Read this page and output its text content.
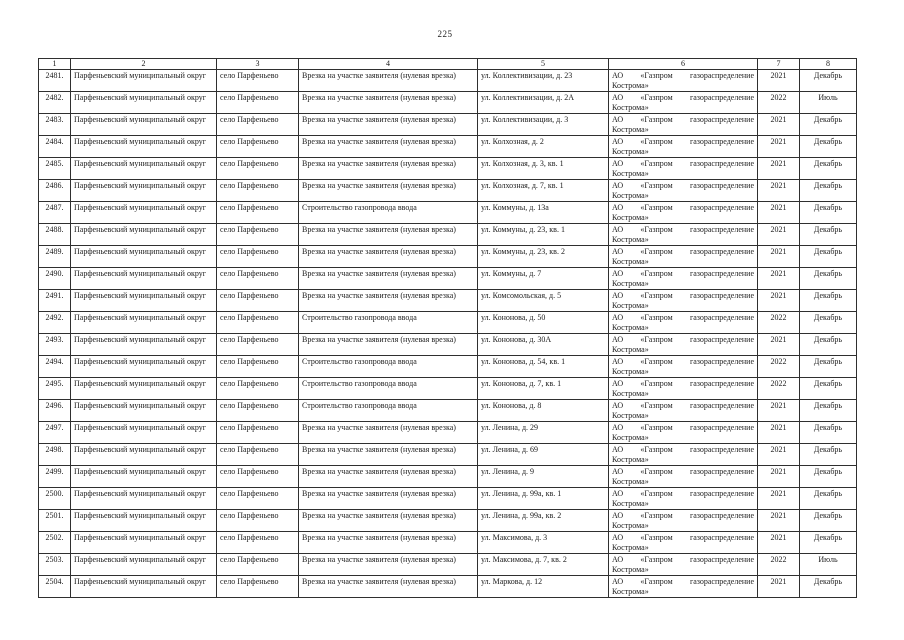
225
1	2	3	4	5	6	7	8
2481.	Парфеньевский муниципальный округ	село Парфеньево	Врезка на участке заявителя (нулевая врезка)	ул. Коллективизации, д. 23	АО «Газпром газораспределение Кострома»	2021	Декабрь
2482.	Парфеньевский муниципальный округ	село Парфеньево	Врезка на участке заявителя (нулевая врезка)	ул. Коллективизации, д. 2А	АО «Газпром газораспределение Кострома»	2022	Июль
2483.	Парфеньевский муниципальный округ	село Парфеньево	Врезка на участке заявителя (нулевая врезка)	ул. Коллективизации, д. 3	АО «Газпром газораспределение Кострома»	2021	Декабрь
2484.	Парфеньевский муниципальный округ	село Парфеньево	Врезка на участке заявителя (нулевая врезка)	ул. Колхозная, д. 2	АО «Газпром газораспределение Кострома»	2021	Декабрь
2485.	Парфеньевский муниципальный округ	село Парфеньево	Врезка на участке заявителя (нулевая врезка)	ул. Колхозная, д. 3, кв. 1	АО «Газпром газораспределение Кострома»	2021	Декабрь
2486.	Парфеньевский муниципальный округ	село Парфеньево	Врезка на участке заявителя (нулевая врезка)	ул. Колхозная, д. 7, кв. 1	АО «Газпром газораспределение Кострома»	2021	Декабрь
2487.	Парфеньевский муниципальный округ	село Парфеньево	Строительство газопровода ввода	ул. Коммуны, д. 13а	АО «Газпром газораспределение Кострома»	2021	Декабрь
2488.	Парфеньевский муниципальный округ	село Парфеньево	Врезка на участке заявителя (нулевая врезка)	ул. Коммуны, д. 23, кв. 1	АО «Газпром газораспределение Кострома»	2021	Декабрь
2489.	Парфеньевский муниципальный округ	село Парфеньево	Врезка на участке заявителя (нулевая врезка)	ул. Коммуны, д. 23, кв. 2	АО «Газпром газораспределение Кострома»	2021	Декабрь
2490.	Парфеньевский муниципальный округ	село Парфеньево	Врезка на участке заявителя (нулевая врезка)	ул. Коммуны, д. 7	АО «Газпром газораспределение Кострома»	2021	Декабрь
2491.	Парфеньевский муниципальный округ	село Парфеньево	Врезка на участке заявителя (нулевая врезка)	ул. Комсомольская, д. 5	АО «Газпром газораспределение Кострома»	2021	Декабрь
2492.	Парфеньевский муниципальный округ	село Парфеньево	Строительство газопровода ввода	ул. Кононова, д. 50	АО «Газпром газораспределение Кострома»	2022	Декабрь
2493.	Парфеньевский муниципальный округ	село Парфеньево	Врезка на участке заявителя (нулевая врезка)	ул. Кононова, д. 30А	АО «Газпром газораспределение Кострома»	2021	Декабрь
2494.	Парфеньевский муниципальный округ	село Парфеньево	Строительство газопровода ввода	ул. Кононова, д. 54, кв. 1	АО «Газпром газораспределение Кострома»	2022	Декабрь
2495.	Парфеньевский муниципальный округ	село Парфеньево	Строительство газопровода ввода	ул. Кононова, д. 7, кв. 1	АО «Газпром газораспределение Кострома»	2022	Декабрь
2496.	Парфеньевский муниципальный округ	село Парфеньево	Строительство газопровода ввода	ул. Кононова, д. 8	АО «Газпром газораспределение Кострома»	2021	Декабрь
2497.	Парфеньевский муниципальный округ	село Парфеньево	Врезка на участке заявителя (нулевая врезка)	ул. Ленина, д. 29	АО «Газпром газораспределение Кострома»	2021	Декабрь
2498.	Парфеньевский муниципальный округ	село Парфеньево	Врезка на участке заявителя (нулевая врезка)	ул. Ленина, д. 69	АО «Газпром газораспределение Кострома»	2021	Декабрь
2499.	Парфеньевский муниципальный округ	село Парфеньево	Врезка на участке заявителя (нулевая врезка)	ул. Ленина, д. 9	АО «Газпром газораспределение Кострома»	2021	Декабрь
2500.	Парфеньевский муниципальный округ	село Парфеньево	Врезка на участке заявителя (нулевая врезка)	ул. Ленина, д. 99а, кв. 1	АО «Газпром газораспределение Кострома»	2021	Декабрь
2501.	Парфеньевский муниципальный округ	село Парфеньево	Врезка на участке заявителя (нулевая врезка)	ул. Ленина, д. 99а, кв. 2	АО «Газпром газораспределение Кострома»	2021	Декабрь
2502.	Парфеньевский муниципальный округ	село Парфеньево	Врезка на участке заявителя (нулевая врезка)	ул. Максимова, д. 3	АО «Газпром газораспределение Кострома»	2021	Декабрь
2503.	Парфеньевский муниципальный округ	село Парфеньево	Врезка на участке заявителя (нулевая врезка)	ул. Максимова, д. 7, кв. 2	АО «Газпром газораспределение Кострома»	2022	Июль
2504.	Парфеньевский муниципальный округ	село Парфеньево	Врезка на участке заявителя (нулевая врезка)	ул. Маркова, д. 12	АО «Газпром газораспределение Кострома»	2021	Декабрь
